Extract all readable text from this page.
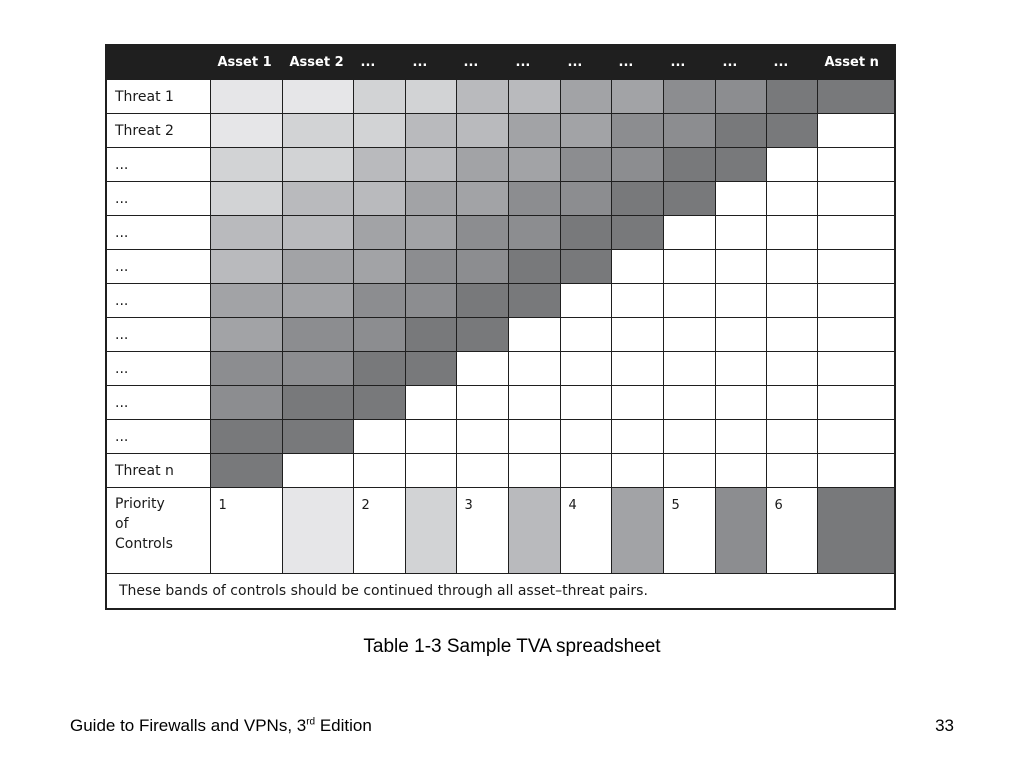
	Asset 1	Asset 2	...	...	...	...	...	...	...	...	...	Asset n
Threat 1												
Threat 2												
...												
...												
...												
...												
...												
...												
...												
...												
...												
Threat n												
Priority
of
Controls	1		2		3		4		5		6	
These bands of controls should be continued through all asset–threat pairs.												
Table 1-3 Sample TVA spreadsheet
Guide to Firewalls and VPNs, 3rd Edition	33
